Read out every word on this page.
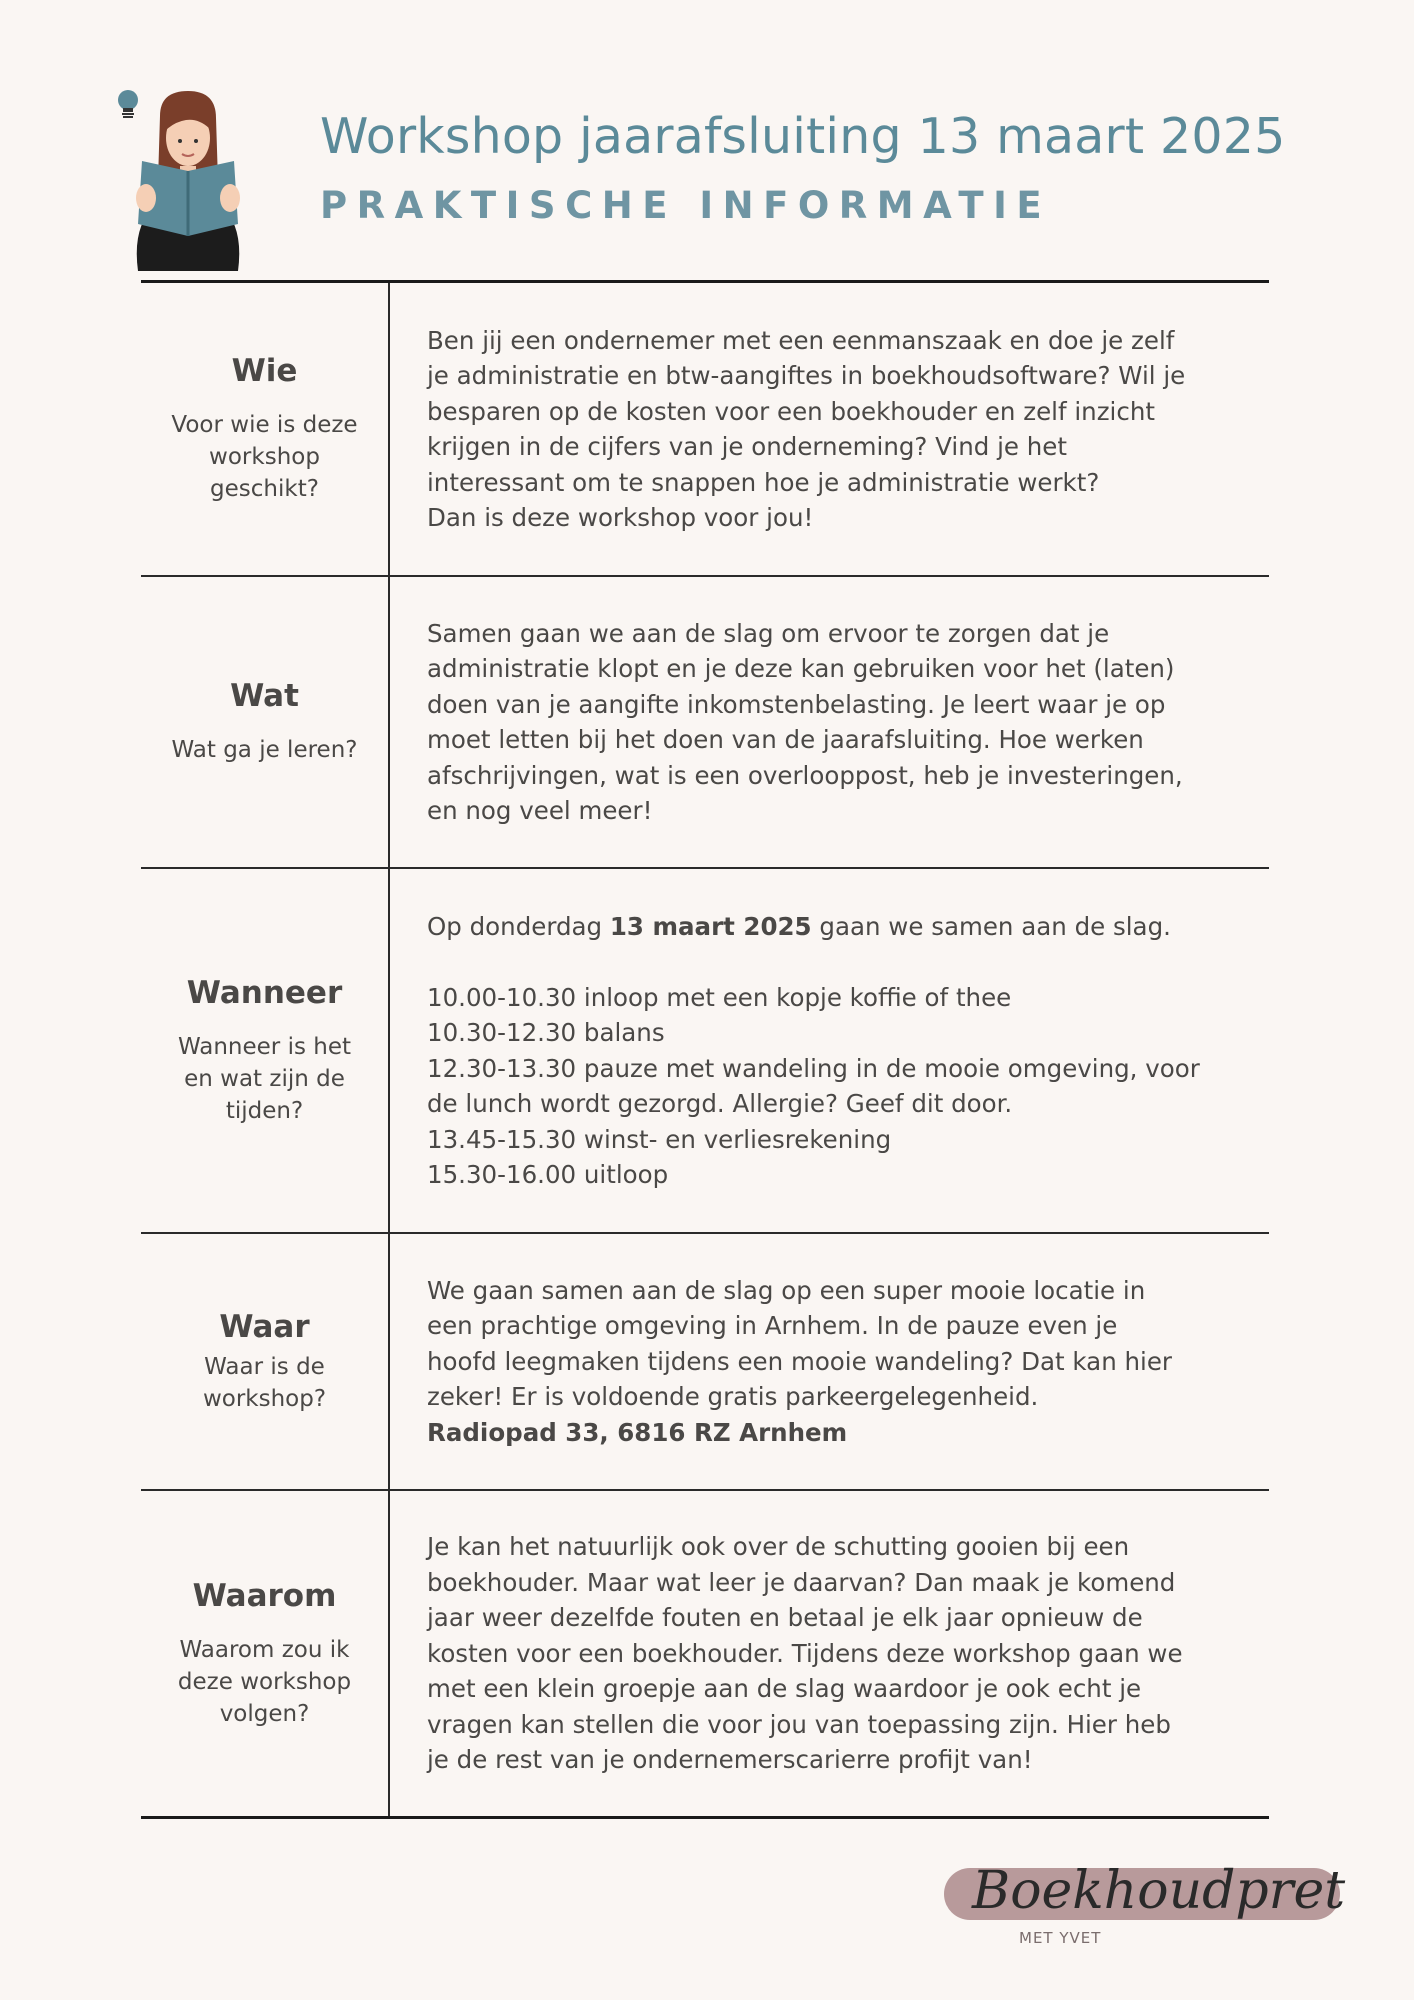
Workshop jaarafsluiting 13 maart 2025
PRAKTISCHE INFORMATIE
Wie
Voor wie is deze
workshop
geschikt?

Ben jij een ondernemer met een eenmanszaak en doe je zelf

je administratie en btw-aangiftes in boekhoudsoftware? Wil je

besparen op de kosten voor een boekhouder en zelf inzicht

krijgen in de cijfers van je onderneming? Vind je het

interessant om te snappen hoe je administratie werkt?

Dan is deze workshop voor jou!

Wat
Wat ga je leren?

Samen gaan we aan de slag om ervoor te zorgen dat je

administratie klopt en je deze kan gebruiken voor het (laten)

doen van je aangifte inkomstenbelasting. Je leert waar je op

moet letten bij het doen van de jaarafsluiting. Hoe werken

afschrijvingen, wat is een overlooppost, heb je investeringen,

en nog veel meer!

Wanneer
Wanneer is het
en wat zijn de
tijden?

Op donderdag 13 maart 2025 gaan we samen aan de slag.

10.00-10.30 inloop met een kopje koffie of thee

10.30-12.30 balans

12.30-13.30 pauze met wandeling in de mooie omgeving, voor

de lunch wordt gezorgd. Allergie? Geef dit door.

13.45-15.30 winst- en verliesrekening

15.30-16.00 uitloop

Waar
Waar is de
workshop?

We gaan samen aan de slag op een super mooie locatie in

een prachtige omgeving in Arnhem. In de pauze even je

hoofd leegmaken tijdens een mooie wandeling? Dat kan hier

zeker! Er is voldoende gratis parkeergelegenheid.

Radiopad 33, 6816 RZ Arnhem

Waarom
Waarom zou ik
deze workshop
volgen?

Je kan het natuurlijk ook over de schutting gooien bij een

boekhouder. Maar wat leer je daarvan? Dan maak je komend

jaar weer dezelfde fouten en betaal je elk jaar opnieuw de

kosten voor een boekhouder. Tijdens deze workshop gaan we

met een klein groepje aan de slag waardoor je ook echt je

vragen kan stellen die voor jou van toepassing zijn. Hier heb

je de rest van je ondernemerscarierre profijt van!

Boekhoudpret
MET YVET
